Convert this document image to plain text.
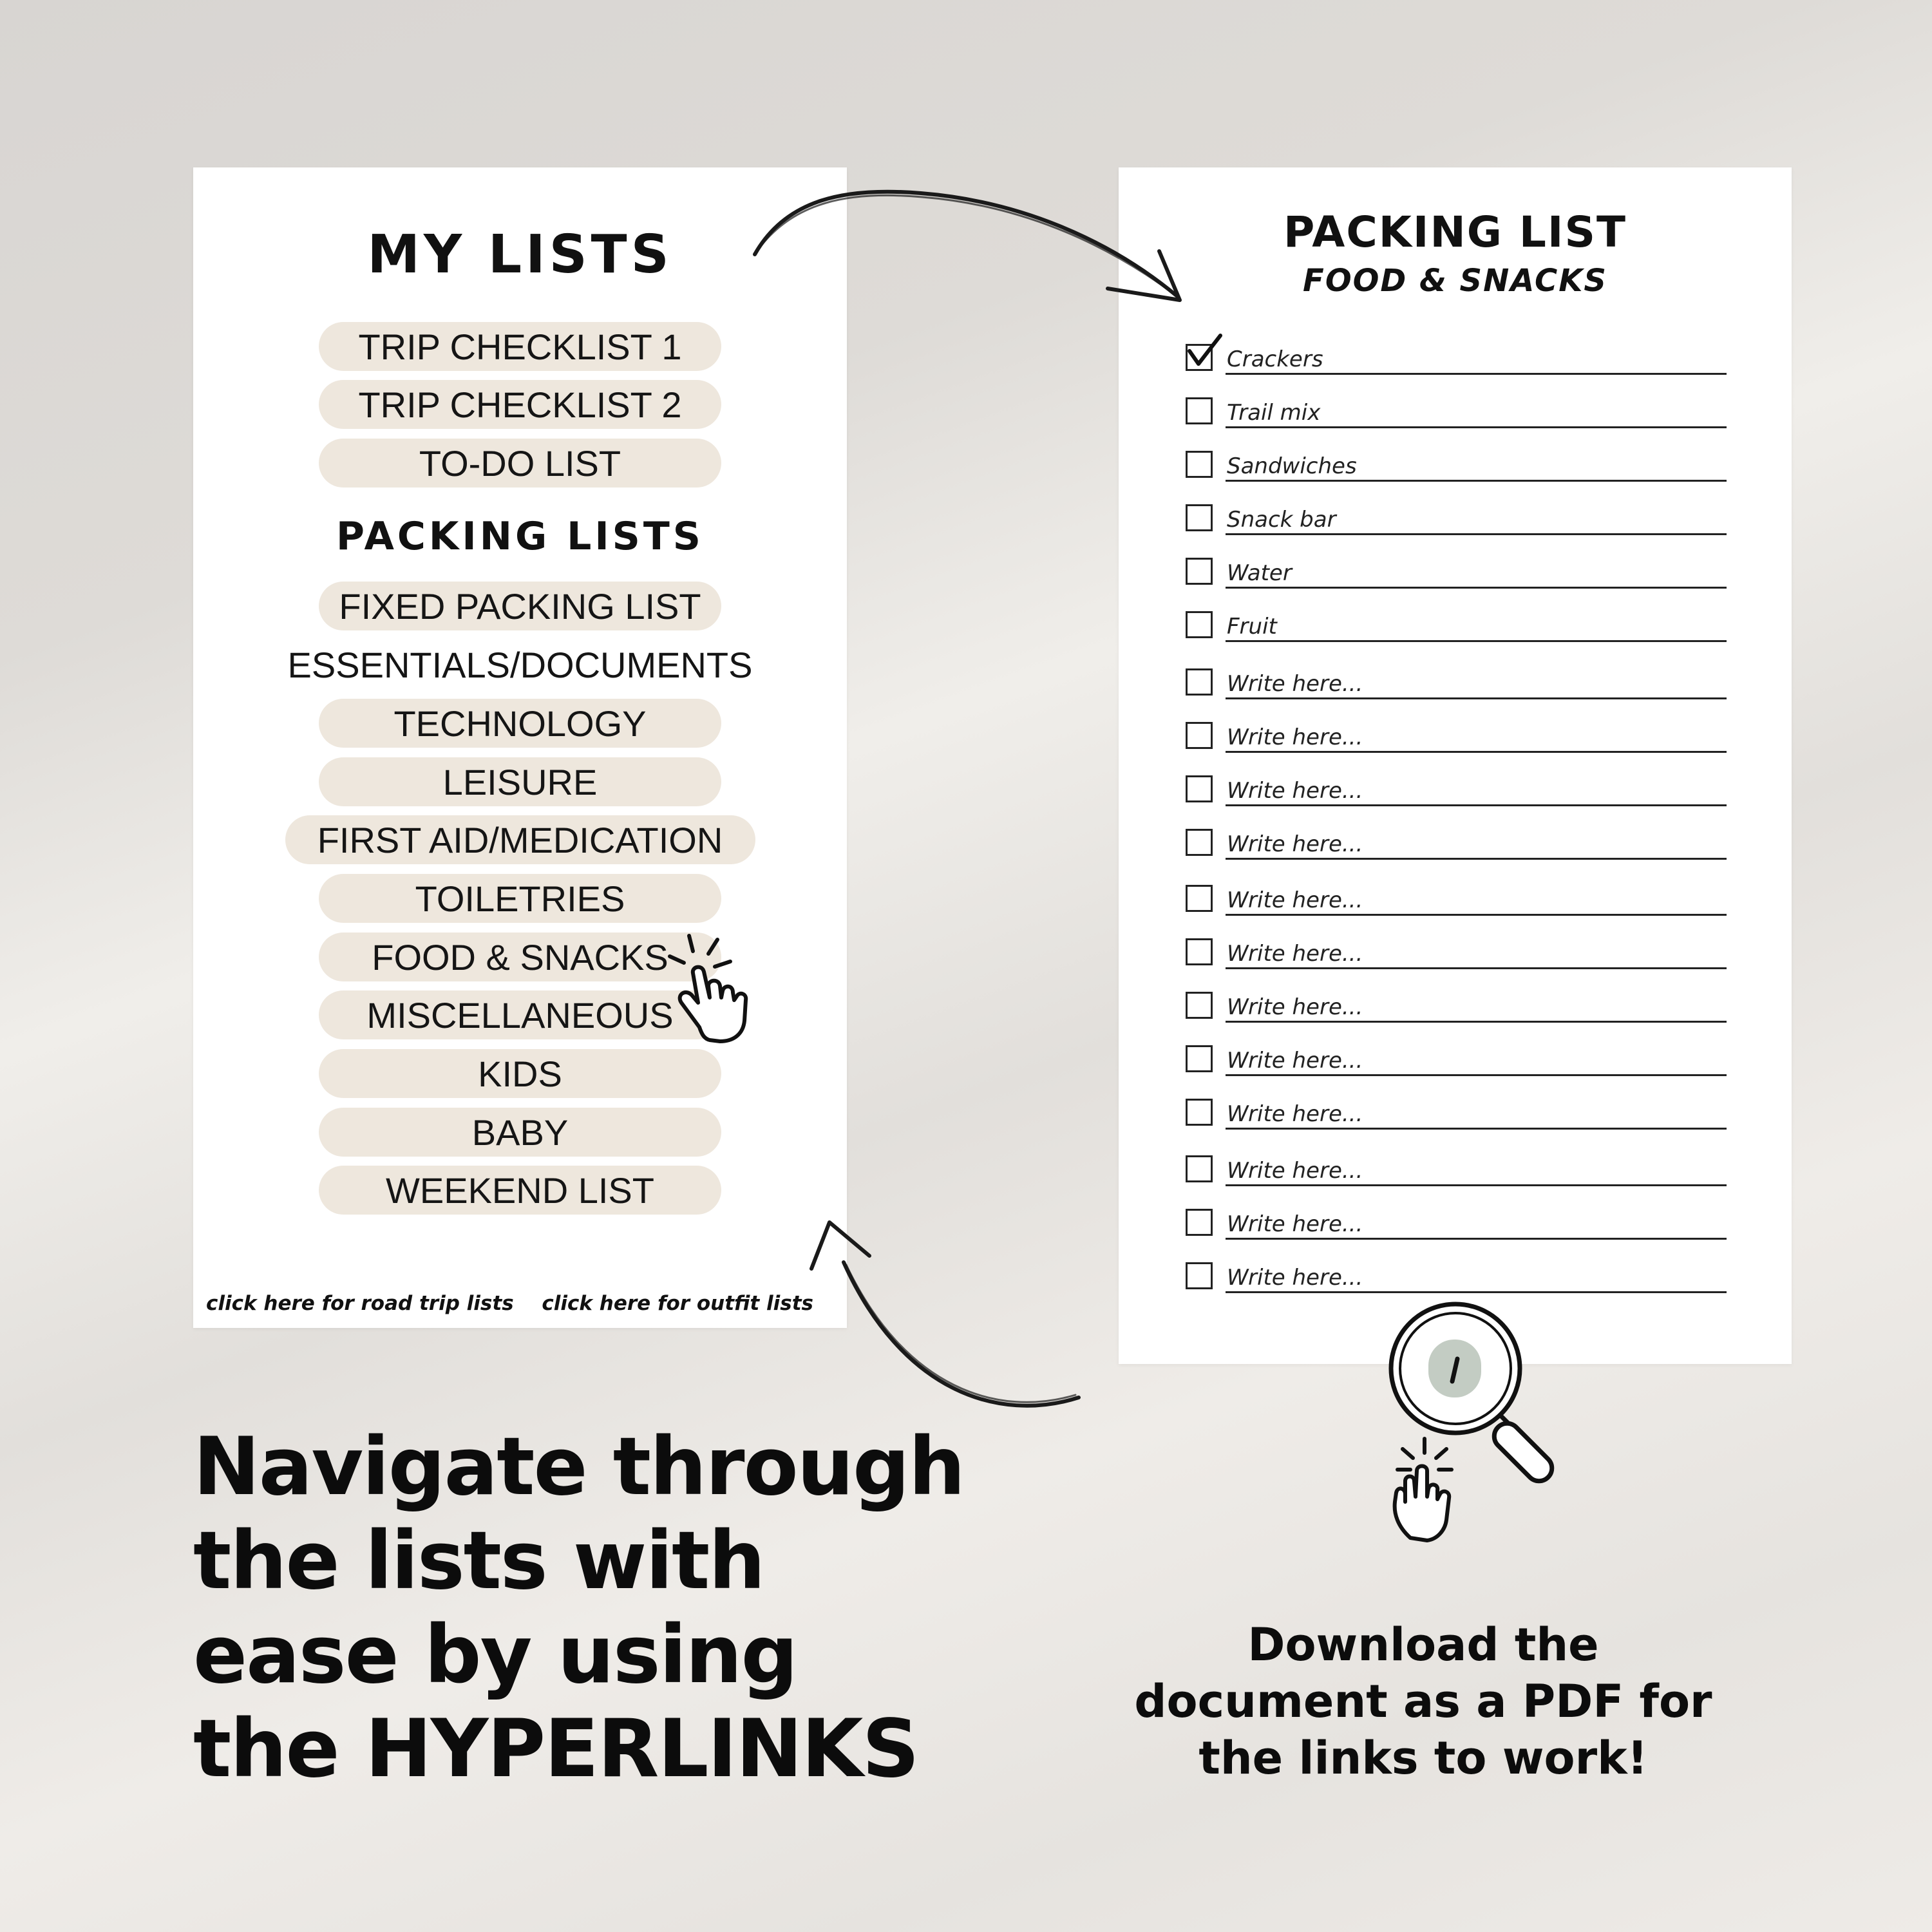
MY LISTS
TRIP CHECKLIST 1
TRIP CHECKLIST 2
TO-DO LIST
PACKING LISTS
FIXED PACKING LIST
ESSENTIALS/DOCUMENTS
TECHNOLOGY
LEISURE
FIRST AID/MEDICATION
TOILETRIES
FOOD & SNACKS
MISCELLANEOUS
KIDS
BABY
WEEKEND LIST
click here for road trip lists click here for outfit lists
PACKING LIST
FOOD & SNACKS
Crackers
Trail mix
Sandwiches
Snack bar
Water
Fruit
Write here...
Write here...
Write here...
Write here...
Write here...
Write here...
Write here...
Write here...
Write here...
Write here...
Write here...
Write here...
Navigate through
the lists with
ease by using
the HYPERLINKS
Download the
document as a PDF for
the links to work!
